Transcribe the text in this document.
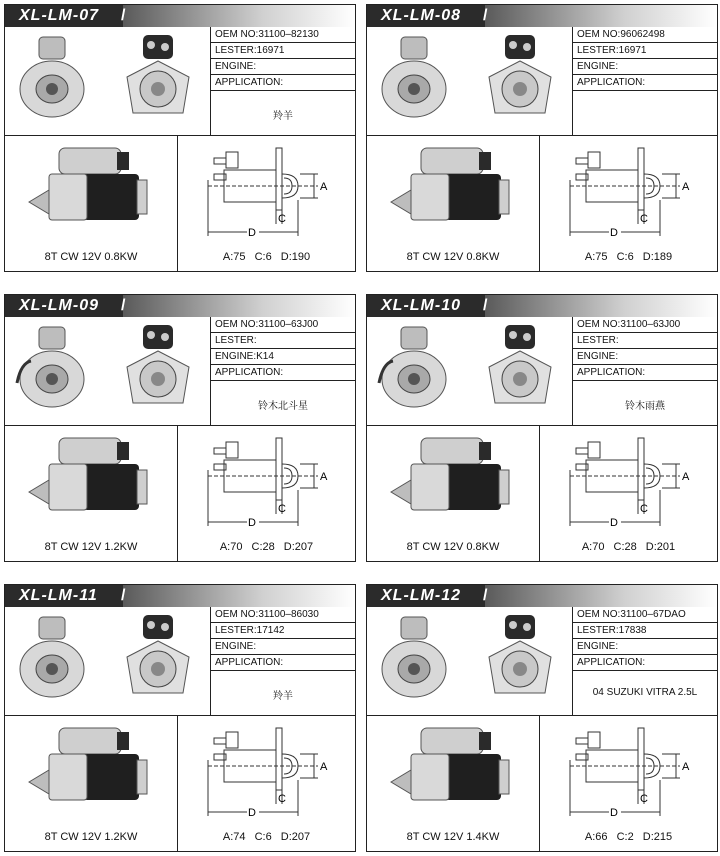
XL-LM-07	/
OEM NO:31100–82130
LESTER:16971
ENGINE:
APPLICATION:
羚羊
8T CW 12V 0.8KW
A
C
D
A:75 C:6 D:190
XL-LM-08	/
OEM NO:96062498
LESTER:16971
ENGINE:
APPLICATION:
8T CW 12V 0.8KW
A
C
D
A:75 C:6 D:189
XL-LM-09	/
OEM NO:31100–63J00
LESTER:
ENGINE:K14
APPLICATION:
铃木北斗星
8T CW 12V 1.2KW
A
C
D
A:70 C:28 D:207
XL-LM-10	/
OEM NO:31100–63J00
LESTER:
ENGINE:
APPLICATION:
铃木雨燕
8T CW 12V 0.8KW
A
C
D
A:70 C:28 D:201
XL-LM-11	/
OEM NO:31100–86030
LESTER:17142
ENGINE:
APPLICATION:
羚羊
8T CW 12V 1.2KW
A
C
D
A:74 C:6 D:207
XL-LM-12	/
OEM NO:31100–67DAO
LESTER:17838
ENGINE:
APPLICATION:
04 SUZUKI VITRA 2.5L
8T CW 12V 1.4KW
A
C
D
A:66 C:2 D:215
